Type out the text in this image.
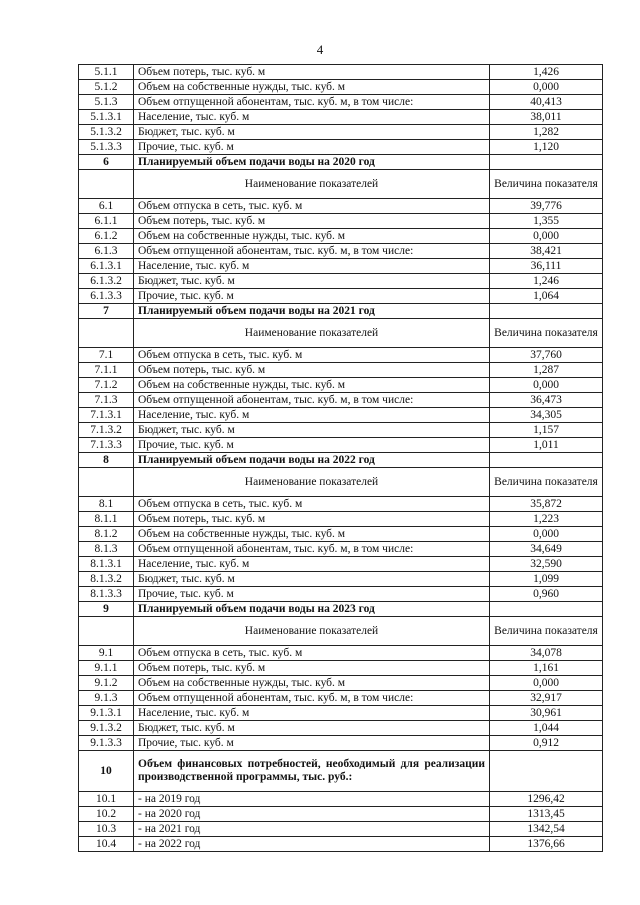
4
5.1.1	Объем потерь, тыс. куб. м	1,426
5.1.2	Объем на собственные нужды, тыс. куб. м	0,000
5.1.3	Объем отпущенной абонентам, тыс. куб. м, в том числе:	40,413
5.1.3.1	Население, тыс. куб. м	38,011
5.1.3.2	Бюджет, тыс. куб. м	1,282
5.1.3.3	Прочие, тыс. куб. м	1,120
6	Планируемый объем подачи воды на 2020 год	
	Наименование показателей	Величина показателя
6.1	Объем отпуска в сеть, тыс. куб. м	39,776
6.1.1	Объем потерь, тыс. куб. м	1,355
6.1.2	Объем на собственные нужды, тыс. куб. м	0,000
6.1.3	Объем отпущенной абонентам, тыс. куб. м, в том числе:	38,421
6.1.3.1	Население, тыс. куб. м	36,111
6.1.3.2	Бюджет, тыс. куб. м	1,246
6.1.3.3	Прочие, тыс. куб. м	1,064
7	Планируемый объем подачи воды на 2021 год	
	Наименование показателей	Величина показателя
7.1	Объем отпуска в сеть, тыс. куб. м	37,760
7.1.1	Объем потерь, тыс. куб. м	1,287
7.1.2	Объем на собственные нужды, тыс. куб. м	0,000
7.1.3	Объем отпущенной абонентам, тыс. куб. м, в том числе:	36,473
7.1.3.1	Население, тыс. куб. м	34,305
7.1.3.2	Бюджет, тыс. куб. м	1,157
7.1.3.3	Прочие, тыс. куб. м	1,011
8	Планируемый объем подачи воды на 2022 год	
	Наименование показателей	Величина показателя
8.1	Объем отпуска в сеть, тыс. куб. м	35,872
8.1.1	Объем потерь, тыс. куб. м	1,223
8.1.2	Объем на собственные нужды, тыс. куб. м	0,000
8.1.3	Объем отпущенной абонентам, тыс. куб. м, в том числе:	34,649
8.1.3.1	Население, тыс. куб. м	32,590
8.1.3.2	Бюджет, тыс. куб. м	1,099
8.1.3.3	Прочие, тыс. куб. м	0,960
9	Планируемый объем подачи воды на 2023 год	
	Наименование показателей	Величина показателя
9.1	Объем отпуска в сеть, тыс. куб. м	34,078
9.1.1	Объем потерь, тыс. куб. м	1,161
9.1.2	Объем на собственные нужды, тыс. куб. м	0,000
9.1.3	Объем отпущенной абонентам, тыс. куб. м, в том числе:	32,917
9.1.3.1	Население, тыс. куб. м	30,961
9.1.3.2	Бюджет, тыс. куб. м	1,044
9.1.3.3	Прочие, тыс. куб. м	0,912
10	Объем финансовых потребностей, необходимый для реализации производственной программы, тыс. руб.:	
10.1	- на 2019 год	1296,42
10.2	- на 2020 год	1313,45
10.3	- на 2021 год	1342,54
10.4	- на 2022 год	1376,66
